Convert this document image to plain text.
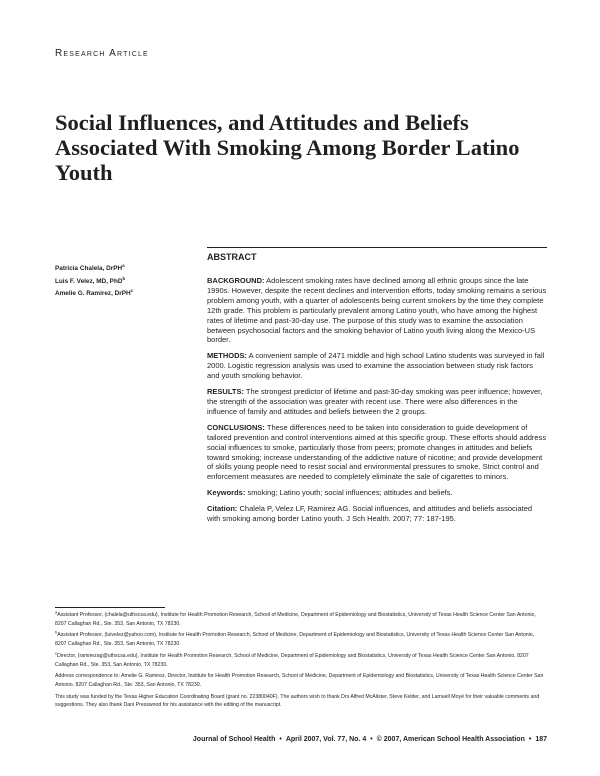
Research Article
Social Influences, and Attitudes and Beliefs Associated With Smoking Among Border Latino Youth
Patricia Chalela, DrPH$^a$
Luis F. Velez, MD, PhD$^b$
Amelie G. Ramirez, DrPH$^c$
ABSTRACT

BACKGROUND: Adolescent smoking rates have declined among all ethnic groups since the late 1990s. However, despite the recent declines and intervention efforts, today smoking remains a serious problem among youth, with a quarter of adolescents being current smokers by the time they complete 12th grade. This problem is particularly prevalent among Latino youth, who have among the highest rates of lifetime and past-30-day use. The purpose of this study was to examine the association between psychosocial factors and the smoking behavior of Latino youth living along the Mexico-US border.

METHODS: A convenient sample of 2471 middle and high school Latino students was surveyed in fall 2000. Logistic regression analysis was used to examine the association between study risk factors and youth smoking behavior.

RESULTS: The strongest predictor of lifetime and past-30-day smoking was peer influence; however, the strength of the association was greater with recent use. There were also differences in the influence of family and attitudes and beliefs between the 2 groups.

CONCLUSIONS: These differences need to be taken into consideration to guide development of tailored prevention and control interventions aimed at this specific group. These efforts should address social influences to smoke, particularly those from peers; promote changes in attitudes and beliefs toward smoking; increase understanding of the addictive nature of nicotine; and provide development of skills young people need to resist social and environmental pressures to smoke. Strict control and enforcement measures are needed to completely eliminate the sale of cigarettes to minors.

Keywords: smoking; Latino youth; social influences; attitudes and beliefs.

Citation: Chalela P, Velez LF, Ramirez AG. Social influences, and attitudes and beliefs associated with smoking among border Latino youth. J Sch Health. 2007; 77: 187-195.

$^a$Assistant Professor, (chalela@uthscsa.edu), Institute for Health Promotion Research, School of Medicine, Department of Epidemiology and Biostatistics, University of Texas Health Science Center San Antonio, 8207 Callaghan Rd., Ste. 353, San Antonio, TX 78230.

$^b$Assistant Professor, (luivelez@yahoo.com), Institute for Health Promotion Research, School of Medicine, Department of Epidemiology and Biostatistics, University of Texas Health Science Center San Antonio, 8207 Callaghan Rd., Ste. 353, San Antonio, TX 78230.

$^c$Director, (ramirezag@uthscsa.edu), Institute for Health Promotion Research, School of Medicine, Department of Epidemiology and Biostatistics, University of Texas Health Science Center San Antonio, 8207 Callaghan Rd., Ste. 353, San Antonio, TX 78230.

Address correspondence to: Amelie G. Ramirez, Director, Institute for Health Promotion Research, School of Medicine, Department of Epidemiology and Biostatistics, University of Texas Health Science Center San Antonio, 8207 Callaghan Rd., Ste. 353, San Antonio, TX 78230.

This study was funded by the Texas Higher Education Coordinating Board (grant no. 22380040F). The authors wish to thank Drs Alfred McAlister, Steve Kelder, and Lamuell Moyé for their valuable comments and suggestions. They also thank Dani Presswood for his assistance with the editing of the manuscript.

Journal of School Health • April 2007, Vol. 77, No. 4 • © 2007, American School Health Association • 187
